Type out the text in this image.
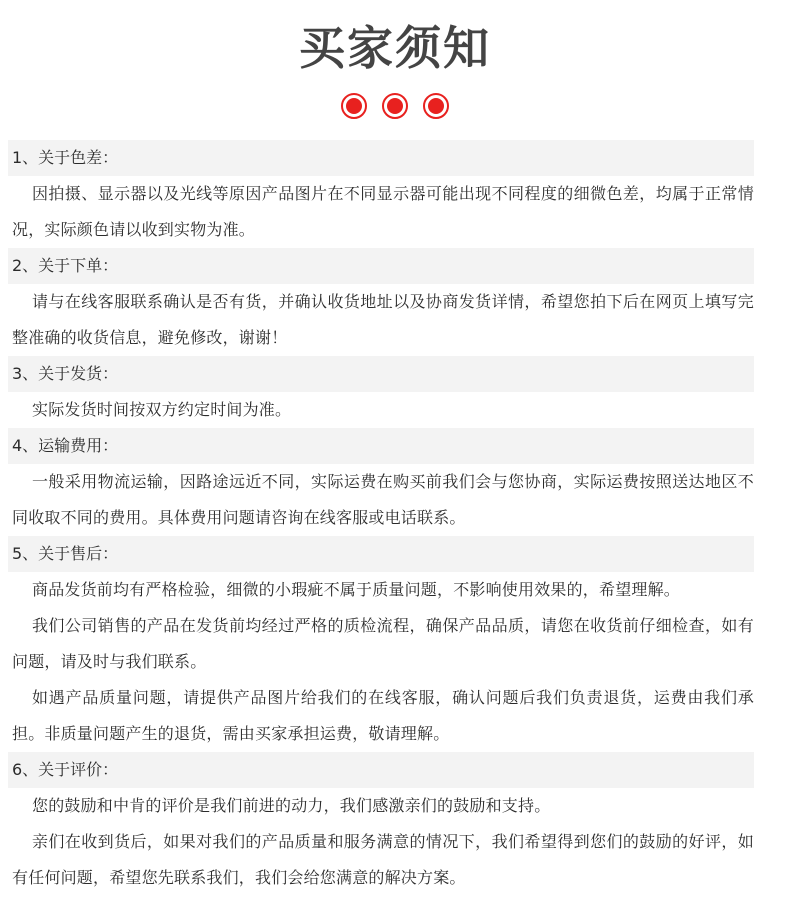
买家须知
1、关于色差：

因拍摄、显示器以及光线等原因产品图片在不同显示器可能出现不同程度的细微色差，均属于正常情况，实际颜色请以收到实物为准。

2、关于下单：

请与在线客服联系确认是否有货，并确认收货地址以及协商发货详情，希望您拍下后在网页上填写完整准确的收货信息，避免修改，谢谢！

3、关于发货：

实际发货时间按双方约定时间为准。

4、运输费用：

一般采用物流运输，因路途远近不同，实际运费在购买前我们会与您协商，实际运费按照送达地区不同收取不同的费用。具体费用问题请咨询在线客服或电话联系。

5、关于售后：

商品发货前均有严格检验，细微的小瑕疵不属于质量问题，不影响使用效果的，希望理解。

我们公司销售的产品在发货前均经过严格的质检流程，确保产品品质，请您在收货前仔细检查，如有问题，请及时与我们联系。

如遇产品质量问题，请提供产品图片给我们的在线客服，确认问题后我们负责退货，运费由我们承担。非质量问题产生的退货，需由买家承担运费，敬请理解。

6、关于评价：

您的鼓励和中肯的评价是我们前进的动力，我们感激亲们的鼓励和支持。

亲们在收到货后，如果对我们的产品质量和服务满意的情况下，我们希望得到您们的鼓励的好评，如有任何问题，希望您先联系我们，我们会给您满意的解决方案。
